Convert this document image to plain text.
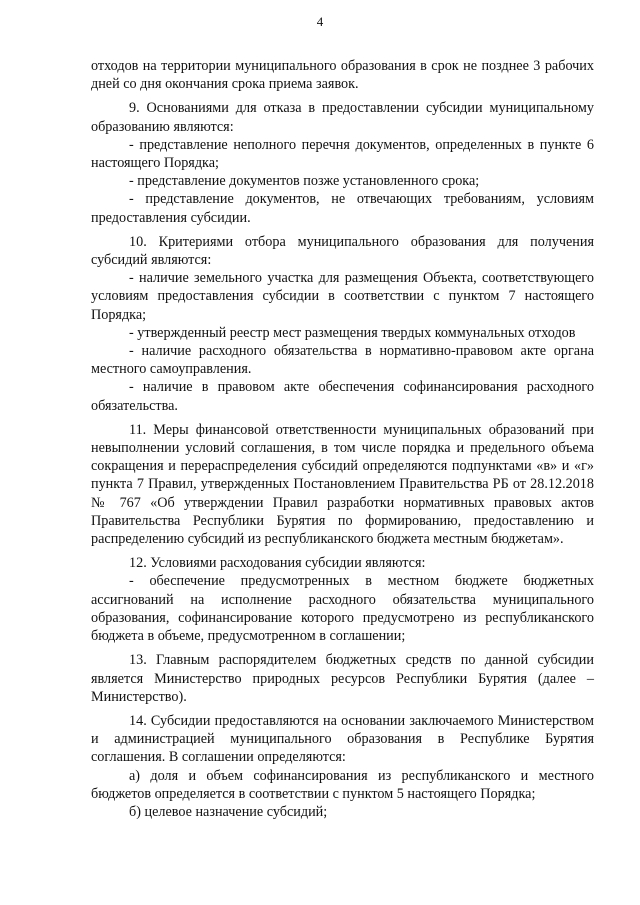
4

отходов на территории муниципального образования в срок не позднее 3 рабочих дней со дня окончания срока приема заявок.

9. Основаниями для отказа в предоставлении субсидии муниципальному образованию являются:

- представление неполного перечня документов, определенных в пункте 6 настоящего Порядка;

- представление документов позже установленного срока;

- представление документов, не отвечающих требованиям, условиям предоставления субсидии.

10. Критериями отбора муниципального образования для получения субсидий являются:

- наличие земельного участка для размещения Объекта, соответствующего условиям предоставления субсидии в соответствии с пунктом 7 настоящего Порядка;

- утвержденный реестр мест размещения твердых коммунальных отходов

- наличие расходного обязательства в нормативно-правовом акте органа местного самоуправления.

- наличие в правовом акте обеспечения софинансирования расходного обязательства.

11. Меры финансовой ответственности муниципальных образований при невыполнении условий соглашения, в том числе порядка и предельного объема сокращения и перераспределения субсидий определяются подпунктами «в» и «г» пункта 7 Правил, утвержденных Постановлением Правительства РБ от 28.12.2018 № 767 «Об утверждении Правил разработки нормативных правовых актов Правительства Республики Бурятия по формированию, предоставлению и распределению субсидий из республиканского бюджета местным бюджетам».

12. Условиями расходования субсидии являются:

- обеспечение предусмотренных в местном бюджете бюджетных ассигнований на исполнение расходного обязательства муниципального образования, софинансирование которого предусмотрено из республиканского бюджета в объеме, предусмотренном в соглашении;

13. Главным распорядителем бюджетных средств по данной субсидии является Министерство природных ресурсов Республики Бурятия (далее – Министерство).

14. Субсидии предоставляются на основании заключаемого Министерством и администрацией муниципального образования в Республике Бурятия соглашения. В соглашении определяются:

а) доля и объем софинансирования из республиканского и местного бюджетов определяется в соответствии с пунктом 5 настоящего Порядка;

б) целевое назначение субсидий;
